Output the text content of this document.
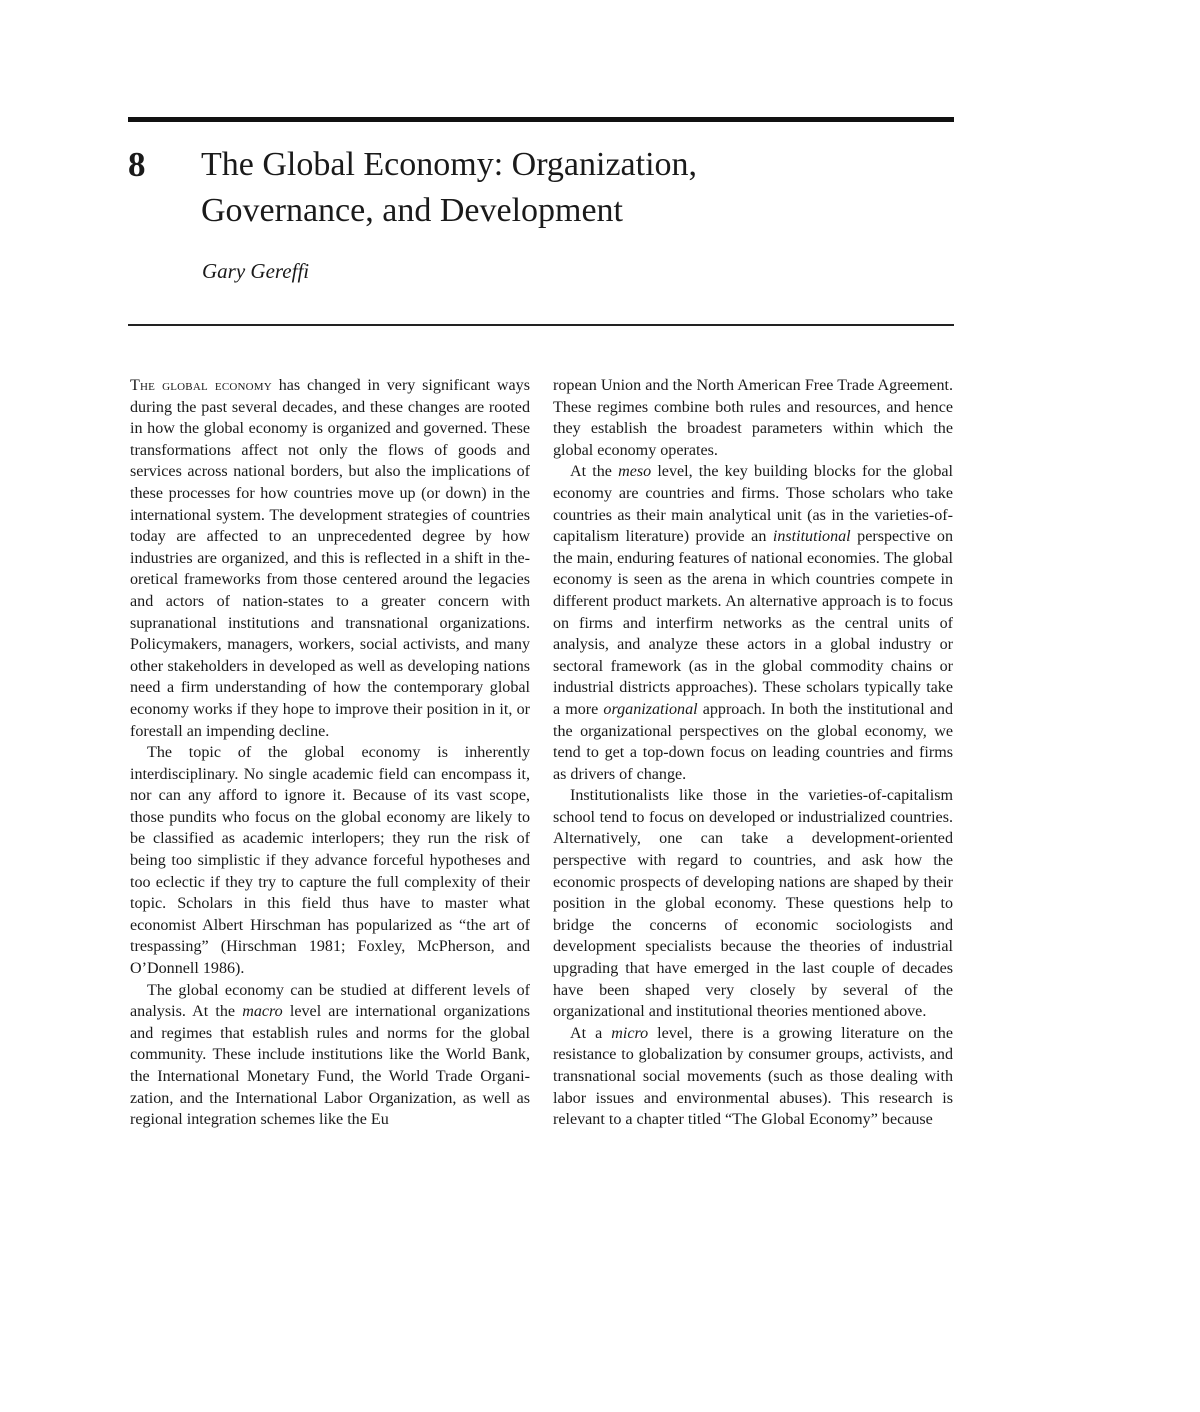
8 The Global Economy: Organization,
Governance, and Development
Gary Gereffi

The global economy has changed in very significant ways during the past several decades, and these changes are rooted in how the global economy is organized and governed. These transformations affect not only the flows of goods and services across national borders, but also the implications of these processes for how countries move up (or down) in the international system. The development strategies of countries today are affected to an unprecedented degree by how industries are organized, and this is reflected in a shift in theoretical frameworks from those centered around the legacies and actors of nation-states to a greater concern with supranational institutions and transnational organizations. Policymakers, managers, workers, social activists, and many other stakeholders in developed as well as developing nations need a firm understanding of how the contemporary global economy works if they hope to improve their position in it, or forestall an impending decline.

The topic of the global economy is inherently interdisciplinary. No single academic field can encompass it, nor can any afford to ignore it. Because of its vast scope, those pundits who focus on the global economy are likely to be classified as academic interlopers; they run the risk of being too simplistic if they advance forceful hypotheses and too eclectic if they try to capture the full complexity of their topic. Scholars in this field thus have to master what economist Albert Hirschman has popularized as “the art of trespassing” (Hirschman 1981; Foxley, McPherson, and O’Donnell 1986).

The global economy can be studied at different levels of analysis. At the macro level are international organizations and regimes that establish rules and norms for the global community. These include institutions like the World Bank, the International Monetary Fund, the World Trade Organization, and the International Labor Organization, as well as regional integration schemes like the Eu

ropean Union and the North American Free Trade Agreement. These regimes combine both rules and resources, and hence they establish the broadest parameters within which the global economy operates.

At the meso level, the key building blocks for the global economy are countries and firms. Those scholars who take countries as their main analytical unit (as in the varieties-of-capitalism literature) provide an institutional perspective on the main, enduring features of national economies. The global economy is seen as the arena in which countries compete in different product markets. An alternative approach is to focus on firms and interfirm networks as the central units of analysis, and analyze these actors in a global industry or sectoral framework (as in the global commodity chains or industrial districts approaches). These scholars typically take a more organizational approach. In both the institutional and the organizational perspectives on the global economy, we tend to get a top-down focus on leading countries and firms as drivers of change.

Institutionalists like those in the varieties-of-capitalism school tend to focus on developed or industrialized countries. Alternatively, one can take a development-oriented perspective with regard to countries, and ask how the economic prospects of developing nations are shaped by their position in the global economy. These questions help to bridge the concerns of economic sociologists and development specialists because the theories of industrial upgrading that have emerged in the last couple of decades have been shaped very closely by several of the organizational and institutional theories mentioned above.

At a micro level, there is a growing literature on the resistance to globalization by consumer groups, activists, and transnational social movements (such as those dealing with labor issues and environmental abuses). This research is relevant to a chapter titled “The Global Economy” because
